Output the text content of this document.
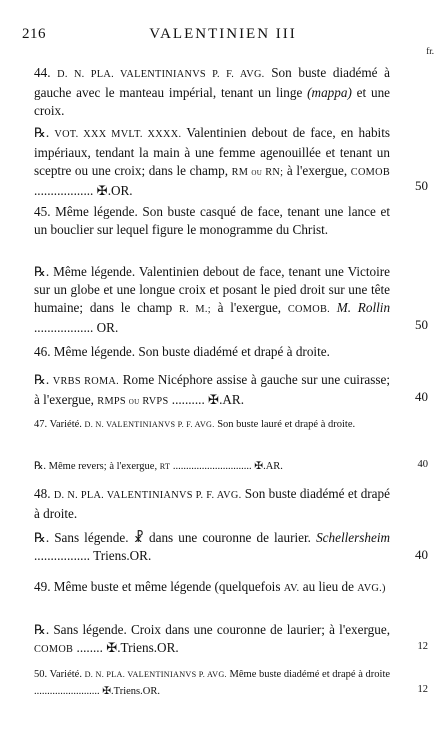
216	VALENTINIEN III
fr.
44. D. N. PLA. VALENTINIANVS P. F. AVG. Son buste diadémé à gauche avec le manteau impérial, tenant un linge (mappa) et une croix.
℞. VOT. XXX MVLT. XXXX. Valentinien debout de face, en habits impériaux, tendant la main à une femme agenouillée et tenant un sceptre ou une croix; dans le champ, RM ou RN; à l'exergue, COMOB .................. ✠.OR.	50
45. Même légende. Son buste casqué de face, tenant une lance et un bouclier sur lequel figure le monogramme du Christ.
℞. Même légende. Valentinien debout de face, tenant une Victoire sur un globe et une longue croix et posant le pied droit sur une tête humaine; dans le champ R. M.; à l'exergue, COMOB. M. Rollin .................. OR.	50
46. Même légende. Son buste diadémé et drapé à droite.
℞. VRBS ROMA. Rome Nicéphore assise à gauche sur une cuirasse; à l'exergue, RMPS ou RVPS .......... ✠.AR.	40
47. Variété. D. N. VALENTINIANVS P. F. AVG. Son buste lauré et drapé à droite.
℞. Même revers; à l'exergue, RT .............................. ✠.AR.	40
48. D. N. PLA. VALENTINIANVS P. F. AVG. Son buste diadémé et drapé à droite.
℞. Sans légende. ☧ dans une couronne de laurier. Schellersheim ................. Triens.OR.	40
49. Même buste et même légende (quelquefois AV. au lieu de AVG.)
℞. Sans légende. Croix dans une couronne de laurier; à l'exergue, COMOB ........ ✠.Triens.OR.	12
50. Variété. D. N. PLA. VALENTINIANVS P. AVG. Même buste diadémé et drapé à droite ......................... ✠.Triens.OR.	12
